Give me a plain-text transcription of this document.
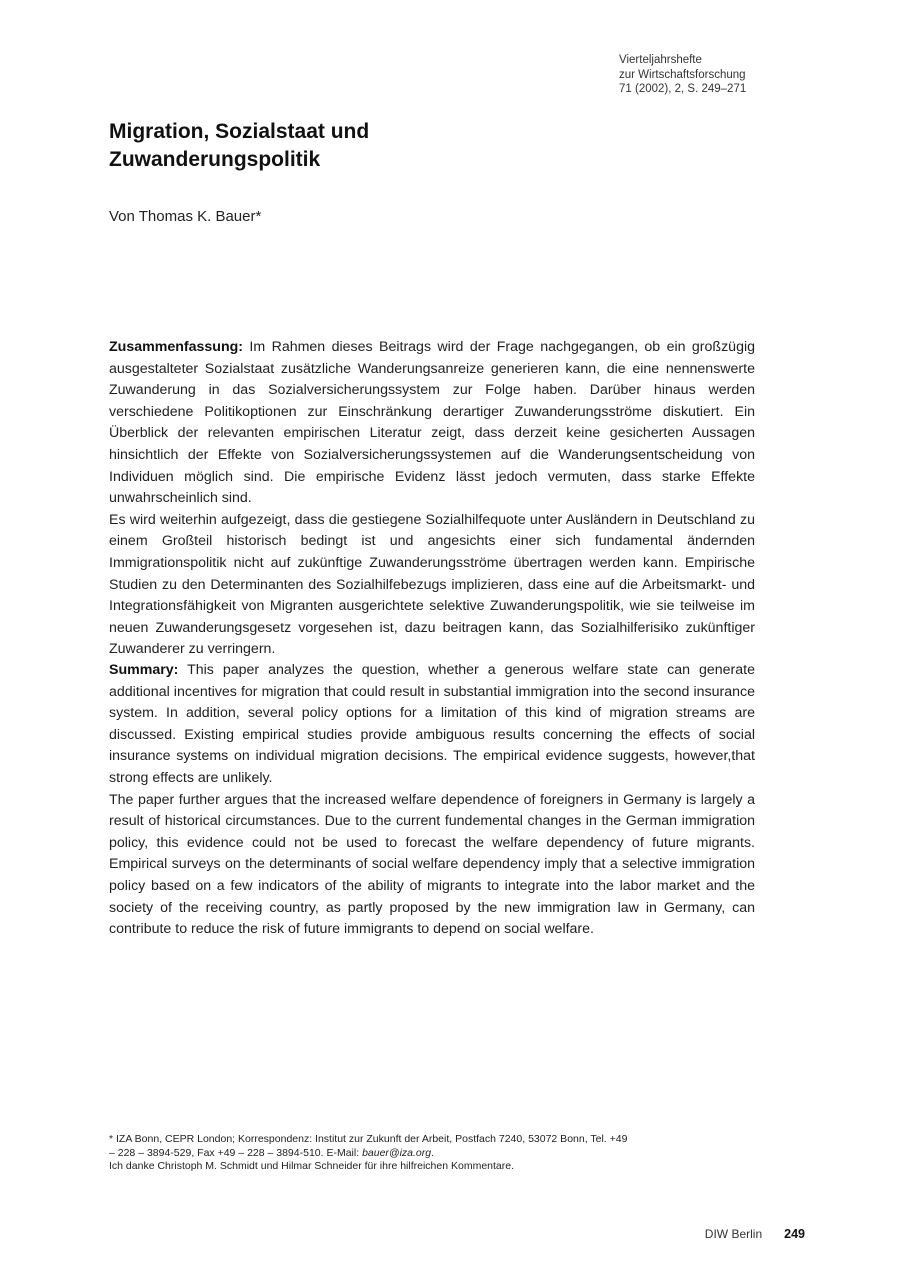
Vierteljahrshefte
zur Wirtschaftsforschung
71 (2002), 2, S. 249–271
Migration, Sozialstaat und
Zuwanderungspolitik
Von Thomas K. Bauer*

Zusammenfassung: Im Rahmen dieses Beitrags wird der Frage nachgegangen, ob ein großzügig ausgestalteter Sozialstaat zusätzliche Wanderungsanreize generieren kann, die eine nennenswerte Zuwanderung in das Sozialversicherungssystem zur Folge haben. Darüber hinaus werden verschiedene Politikoptionen zur Einschränkung derartiger Zuwanderungsströme diskutiert. Ein Überblick der relevanten empirischen Literatur zeigt, dass derzeit keine gesicherten Aussagen hinsichtlich der Effekte von Sozialversicherungssystemen auf die Wanderungsentscheidung von Individuen möglich sind. Die empirische Evidenz lässt jedoch vermuten, dass starke Effekte unwahrscheinlich sind.

Es wird weiterhin aufgezeigt, dass die gestiegene Sozialhilfequote unter Ausländern in Deutschland zu einem Großteil historisch bedingt ist und angesichts einer sich fundamental ändernden Immigrationspolitik nicht auf zukünftige Zuwanderungsströme übertragen werden kann. Empirische Studien zu den Determinanten des Sozialhilfebezugs implizieren, dass eine auf die Arbeitsmarkt- und Integrationsfähigkeit von Migranten ausgerichtete selektive Zuwanderungspolitik, wie sie teilweise im neuen Zuwanderungsgesetz vorgesehen ist, dazu beitragen kann, das Sozialhilferisiko zukünftiger Zuwanderer zu verringern.

Summary: This paper analyzes the question, whether a generous welfare state can generate additional incentives for migration that could result in substantial immigration into the second insurance system. In addition, several policy options for a limitation of this kind of migration streams are discussed. Existing empirical studies provide ambiguous results concerning the effects of social insurance systems on individual migration decisions. The empirical evidence suggests, however,that strong effects are unlikely.

The paper further argues that the increased welfare dependence of foreigners in Germany is largely a result of historical circumstances. Due to the current fundemental changes in the German immigration policy, this evidence could not be used to forecast the welfare dependency of future migrants. Empirical surveys on the determinants of social welfare dependency imply that a selective immigration policy based on a few indicators of the ability of migrants to integrate into the labor market and the society of the receiving country, as partly proposed by the new immigration law in Germany, can contribute to reduce the risk of future immigrants to depend on social welfare.

* IZA Bonn, CEPR London; Korrespondenz: Institut zur Zukunft der Arbeit, Postfach 7240, 53072 Bonn, Tel. +49
– 228 – 3894-529, Fax +49 – 228 – 3894-510. E-Mail: bauer@iza.org.
Ich danke Christoph M. Schmidt und Hilmar Schneider für ihre hilfreichen Kommentare.
DIW Berlin 249
